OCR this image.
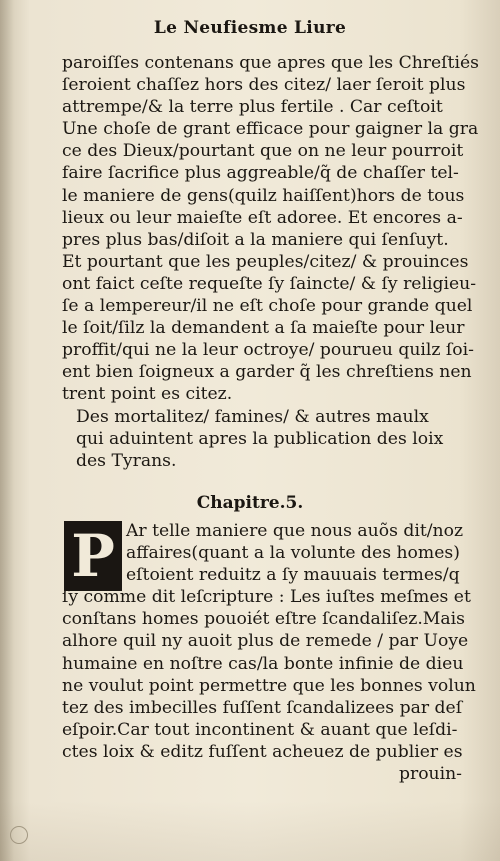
Le Neufiesme Liure
paroiſſes contenans que apres que les Chreſtiés
ſeroient chaſſez hors des citez/ laer ſeroit plus
attrempe/& la terre plus fertile . Car ceſtoit
Une choſe de grant efficace pour gaigner la gra
ce des Dieux/pourtant que on ne leur pourroit
faire ſacrifice plus aggreable/q̃ de chaſſer tel-
le maniere de gens(quilz haiſſent)hors de tous
lieux ou leur maieſte eſt adoree. Et encores a-
pres plus bas/diſoit a la maniere qui ſenſuyt.
Et pourtant que les peuples/citez/ & prouinces
ont faict ceſte requeſte ſy ſaincte/ & ſy religieu-
ſe a lempereur/il ne eſt choſe pour grande quel
le ſoit/ſilz la demandent a ſa maieſte pour leur
proffit/qui ne la leur octroye/ pourueu quilz ſoi-
ent bien ſoigneux a garder q̃ les chreſtiens nen
trent point es citez.
Des mortalitez/ famines/ & autres maulx
qui aduintent apres la publication des loix
des Tyrans.
Chapitre.5.
P Ar telle maniere que nous auõs dit/noz
affaires(quant a la volunte des homes)
eſtoient reduitz a ſy mauuais termes/q
ſy comme dit leſcripture : Les iuſtes meſmes et
conſtans homes pouoiét eſtre ſcandaliſez.Mais
alhore quil ny auoit plus de remede / par Uoye
humaine en noſtre cas/la bonte infinie de dieu
ne voulut point permettre que les bonnes volun
tez des imbecilles fuſſent ſcandalizees par deſ
eſpoir.Car tout incontinent & auant que leſdi-
ctes loix & editz fuſſent acheuez de publier es
prouin-
